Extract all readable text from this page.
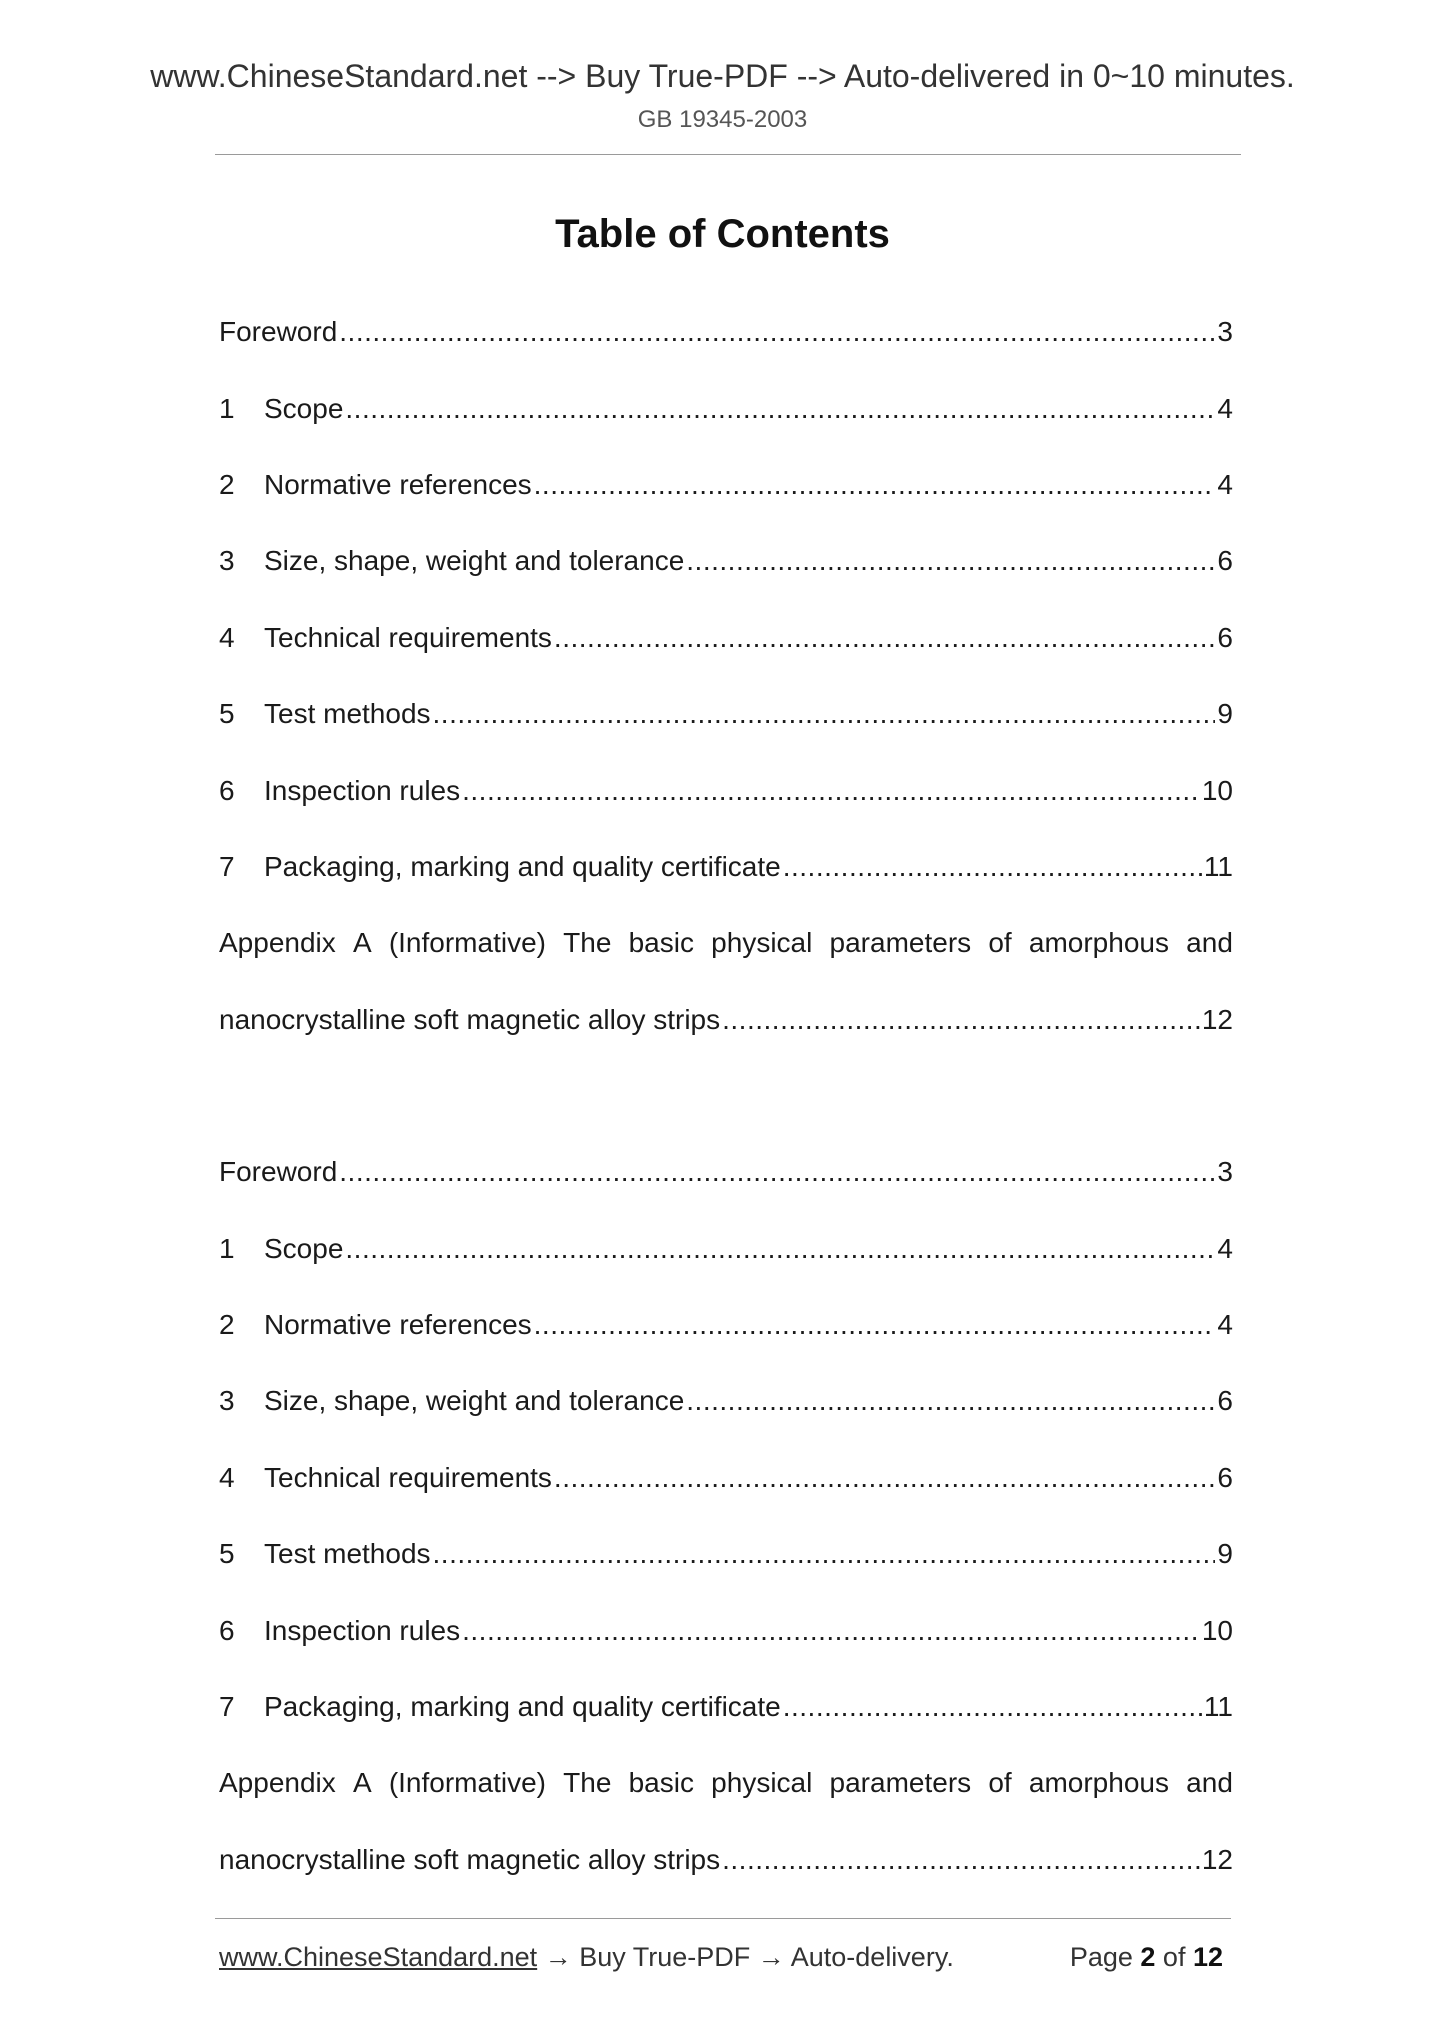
www.ChineseStandard.net --> Buy True-PDF --> Auto-delivered in 0~10 minutes.
GB 19345-2003
Table of Contents
Foreword .....	3
1	Scope .....	4
2	Normative references .....	4
3	Size, shape, weight and tolerance .....	6
4	Technical requirements .....	6
5	Test methods .....	9
6	Inspection rules .....	10
7	Packaging, marking and quality certificate .....	11
Appendix A (Informative) The basic physical parameters of amorphous and
nanocrystalline soft magnetic alloy strips .....	12
Foreword .....	3
1	Scope .....	4
2	Normative references .....	4
3	Size, shape, weight and tolerance .....	6
4	Technical requirements .....	6
5	Test methods .....	9
6	Inspection rules .....	10
7	Packaging, marking and quality certificate .....	11
Appendix A (Informative) The basic physical parameters of amorphous and
nanocrystalline soft magnetic alloy strips .....	12
www.ChineseStandard.net → Buy True-PDF → Auto-delivery.	Page 2 of 12
